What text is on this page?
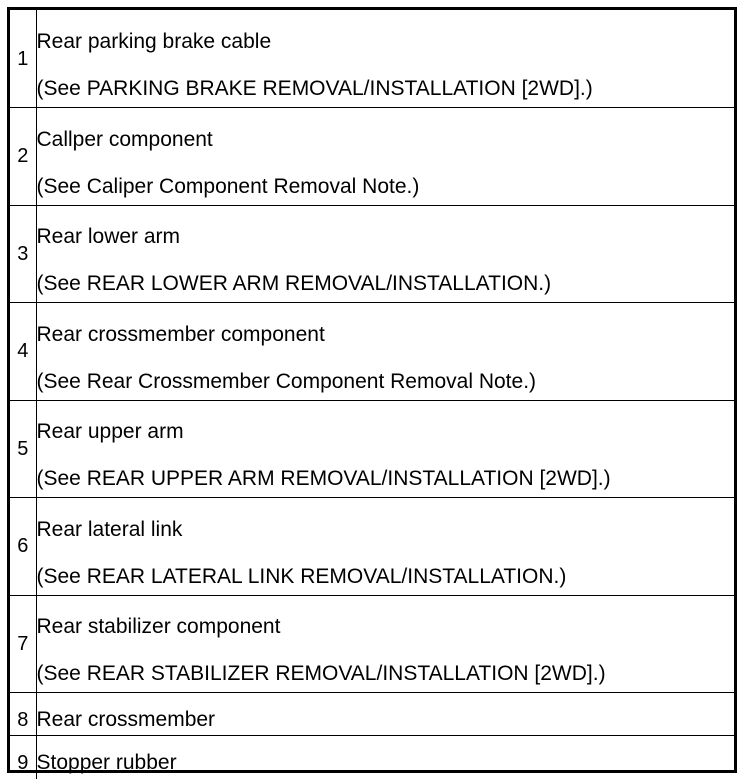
1	Rear parking brake cable
(See PARKING BRAKE REMOVAL/INSTALLATION [2WD].)

2	Callper component
(See Caliper Component Removal Note.)

3	Rear lower arm
(See REAR LOWER ARM REMOVAL/INSTALLATION.)

4	Rear crossmember component
(See Rear Crossmember Component Removal Note.)

5	Rear upper arm
(See REAR UPPER ARM REMOVAL/INSTALLATION [2WD].)

6	Rear lateral link
(See REAR LATERAL LINK REMOVAL/INSTALLATION.)

7	Rear stabilizer component
(See REAR STABILIZER REMOVAL/INSTALLATION [2WD].)

8	Rear crossmember

9	Stopper rubber
